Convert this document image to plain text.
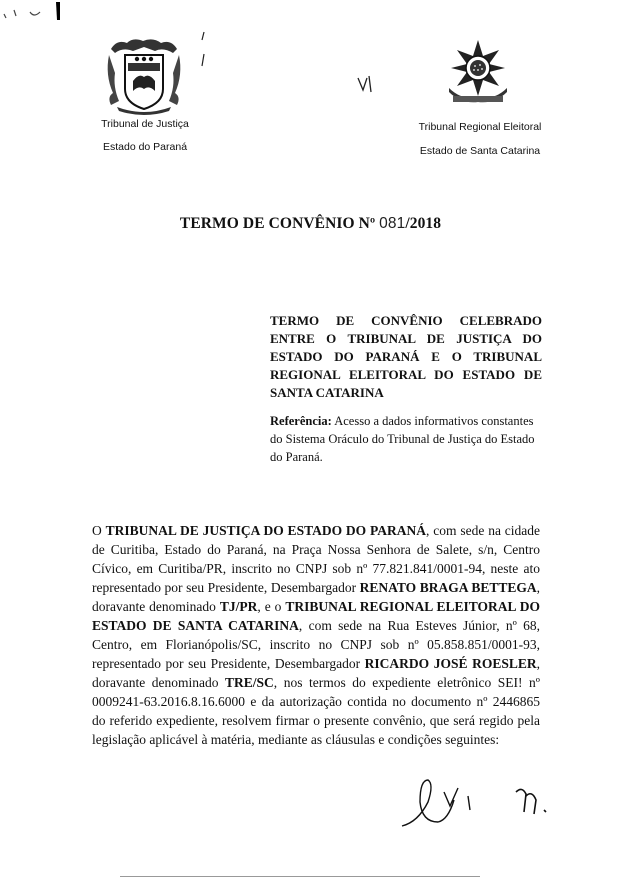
Tribunal de Justiça
Estado do Paraná
Tribunal Regional Eleitoral
Estado de Santa Catarina
TERMO DE CONVÊNIO Nº 081/2018
TERMO DE CONVÊNIO CELEBRADO ENTRE O TRIBUNAL DE JUSTIÇA DO ESTADO DO PARANÁ E O TRIBUNAL REGIONAL ELEITORAL DO ESTADO DE SANTA CATARINA
Referência: Acesso a dados informativos constantes do Sistema Oráculo do Tribunal de Justiça do Estado do Paraná.
O TRIBUNAL DE JUSTIÇA DO ESTADO DO PARANÁ, com sede na cidade de Curitiba, Estado do Paraná, na Praça Nossa Senhora de Salete, s/n, Centro Cívico, em Curitiba/PR, inscrito no CNPJ sob nº 77.821.841/0001-94, neste ato representado por seu Presidente, Desembargador RENATO BRAGA BETTEGA, doravante denominado TJ/PR, e o TRIBUNAL REGIONAL ELEITORAL DO ESTADO DE SANTA CATARINA, com sede na Rua Esteves Júnior, nº 68, Centro, em Florianópolis/SC, inscrito no CNPJ sob nº 05.858.851/0001-93, representado por seu Presidente, Desembargador RICARDO JOSÉ ROESLER, doravante denominado TRE/SC, nos termos do expediente eletrônico SEI! nº 0009241-63.2016.8.16.6000 e da autorização contida no documento nº 2446865 do referido expediente, resolvem firmar o presente convênio, que será regido pela legislação aplicável à matéria, mediante as cláusulas e condições seguintes:
